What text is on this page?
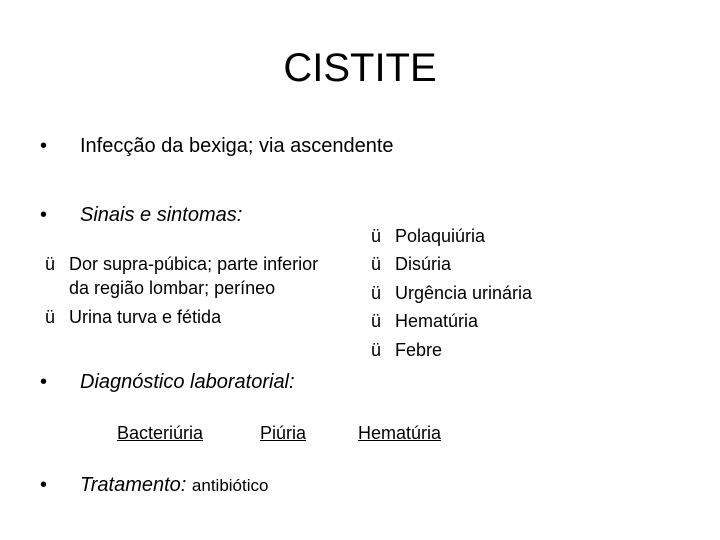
CISTITE
• Infecção da bexiga; via ascendente
• Sinais e sintomas:
ü Dor supra-púbica; parte inferior
da região lombar; períneo
ü Urina turva e fétida
ü Polaquiúria
ü Disúria
ü Urgência urinária
ü Hematúria
ü Febre
• Diagnóstico laboratorial:
Bacteriúria	Piúria	Hematúria
• Tratamento: antibiótico
